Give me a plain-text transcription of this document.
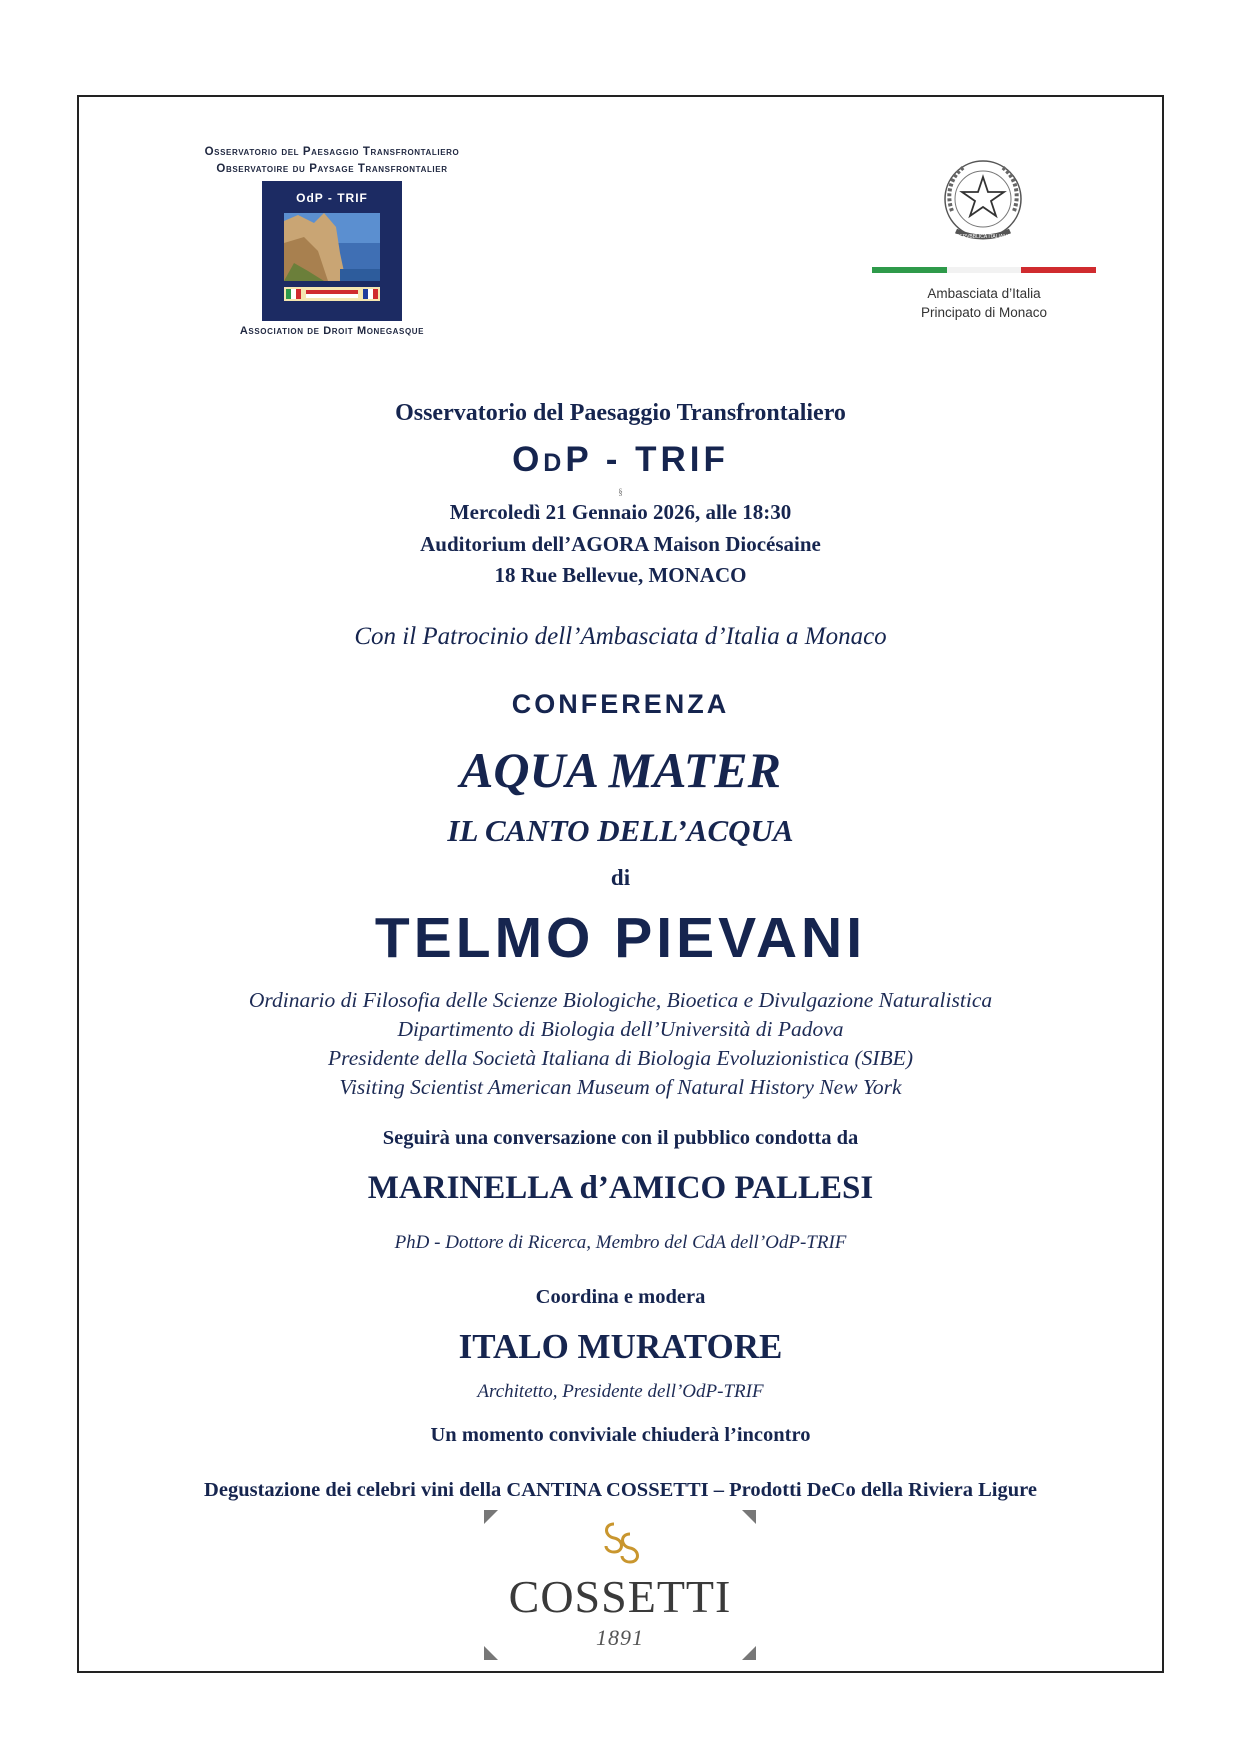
Osservatorio del Paesaggio Transfrontaliero
Observatoire du Paysage Transfrontalier
OdP - TRIF
Association de Droit Monegasque
REPVBBLICA ITALIANA
Ambasciata d’Italia
Principato di Monaco
Osservatorio del Paesaggio Transfrontaliero
OdP - TRIF
§
Mercoledì 21 Gennaio 2026, alle 18:30
Auditorium dell’AGORA Maison Diocésaine
18 Rue Bellevue, MONACO
Con il Patrocinio dell’Ambasciata d’Italia a Monaco
CONFERENZA
AQUA MATER
IL CANTO DELL’ACQUA
di
TELMO PIEVANI
Ordinario di Filosofia delle Scienze Biologiche, Bioetica e Divulgazione Naturalistica
Dipartimento di Biologia dell’Università di Padova
Presidente della Società Italiana di Biologia Evoluzionistica (SIBE)
Visiting Scientist American Museum of Natural History New York
Seguirà una conversazione con il pubblico condotta da
MARINELLA d’AMICO PALLESI
PhD - Dottore di Ricerca, Membro del CdA dell’OdP-TRIF
Coordina e modera
ITALO MURATORE
Architetto, Presidente dell’OdP-TRIF
Un momento conviviale chiuderà l’incontro
Degustazione dei celebri vini della CANTINA COSSETTI – Prodotti DeCo della Riviera Ligure
COSSETTI
1891
